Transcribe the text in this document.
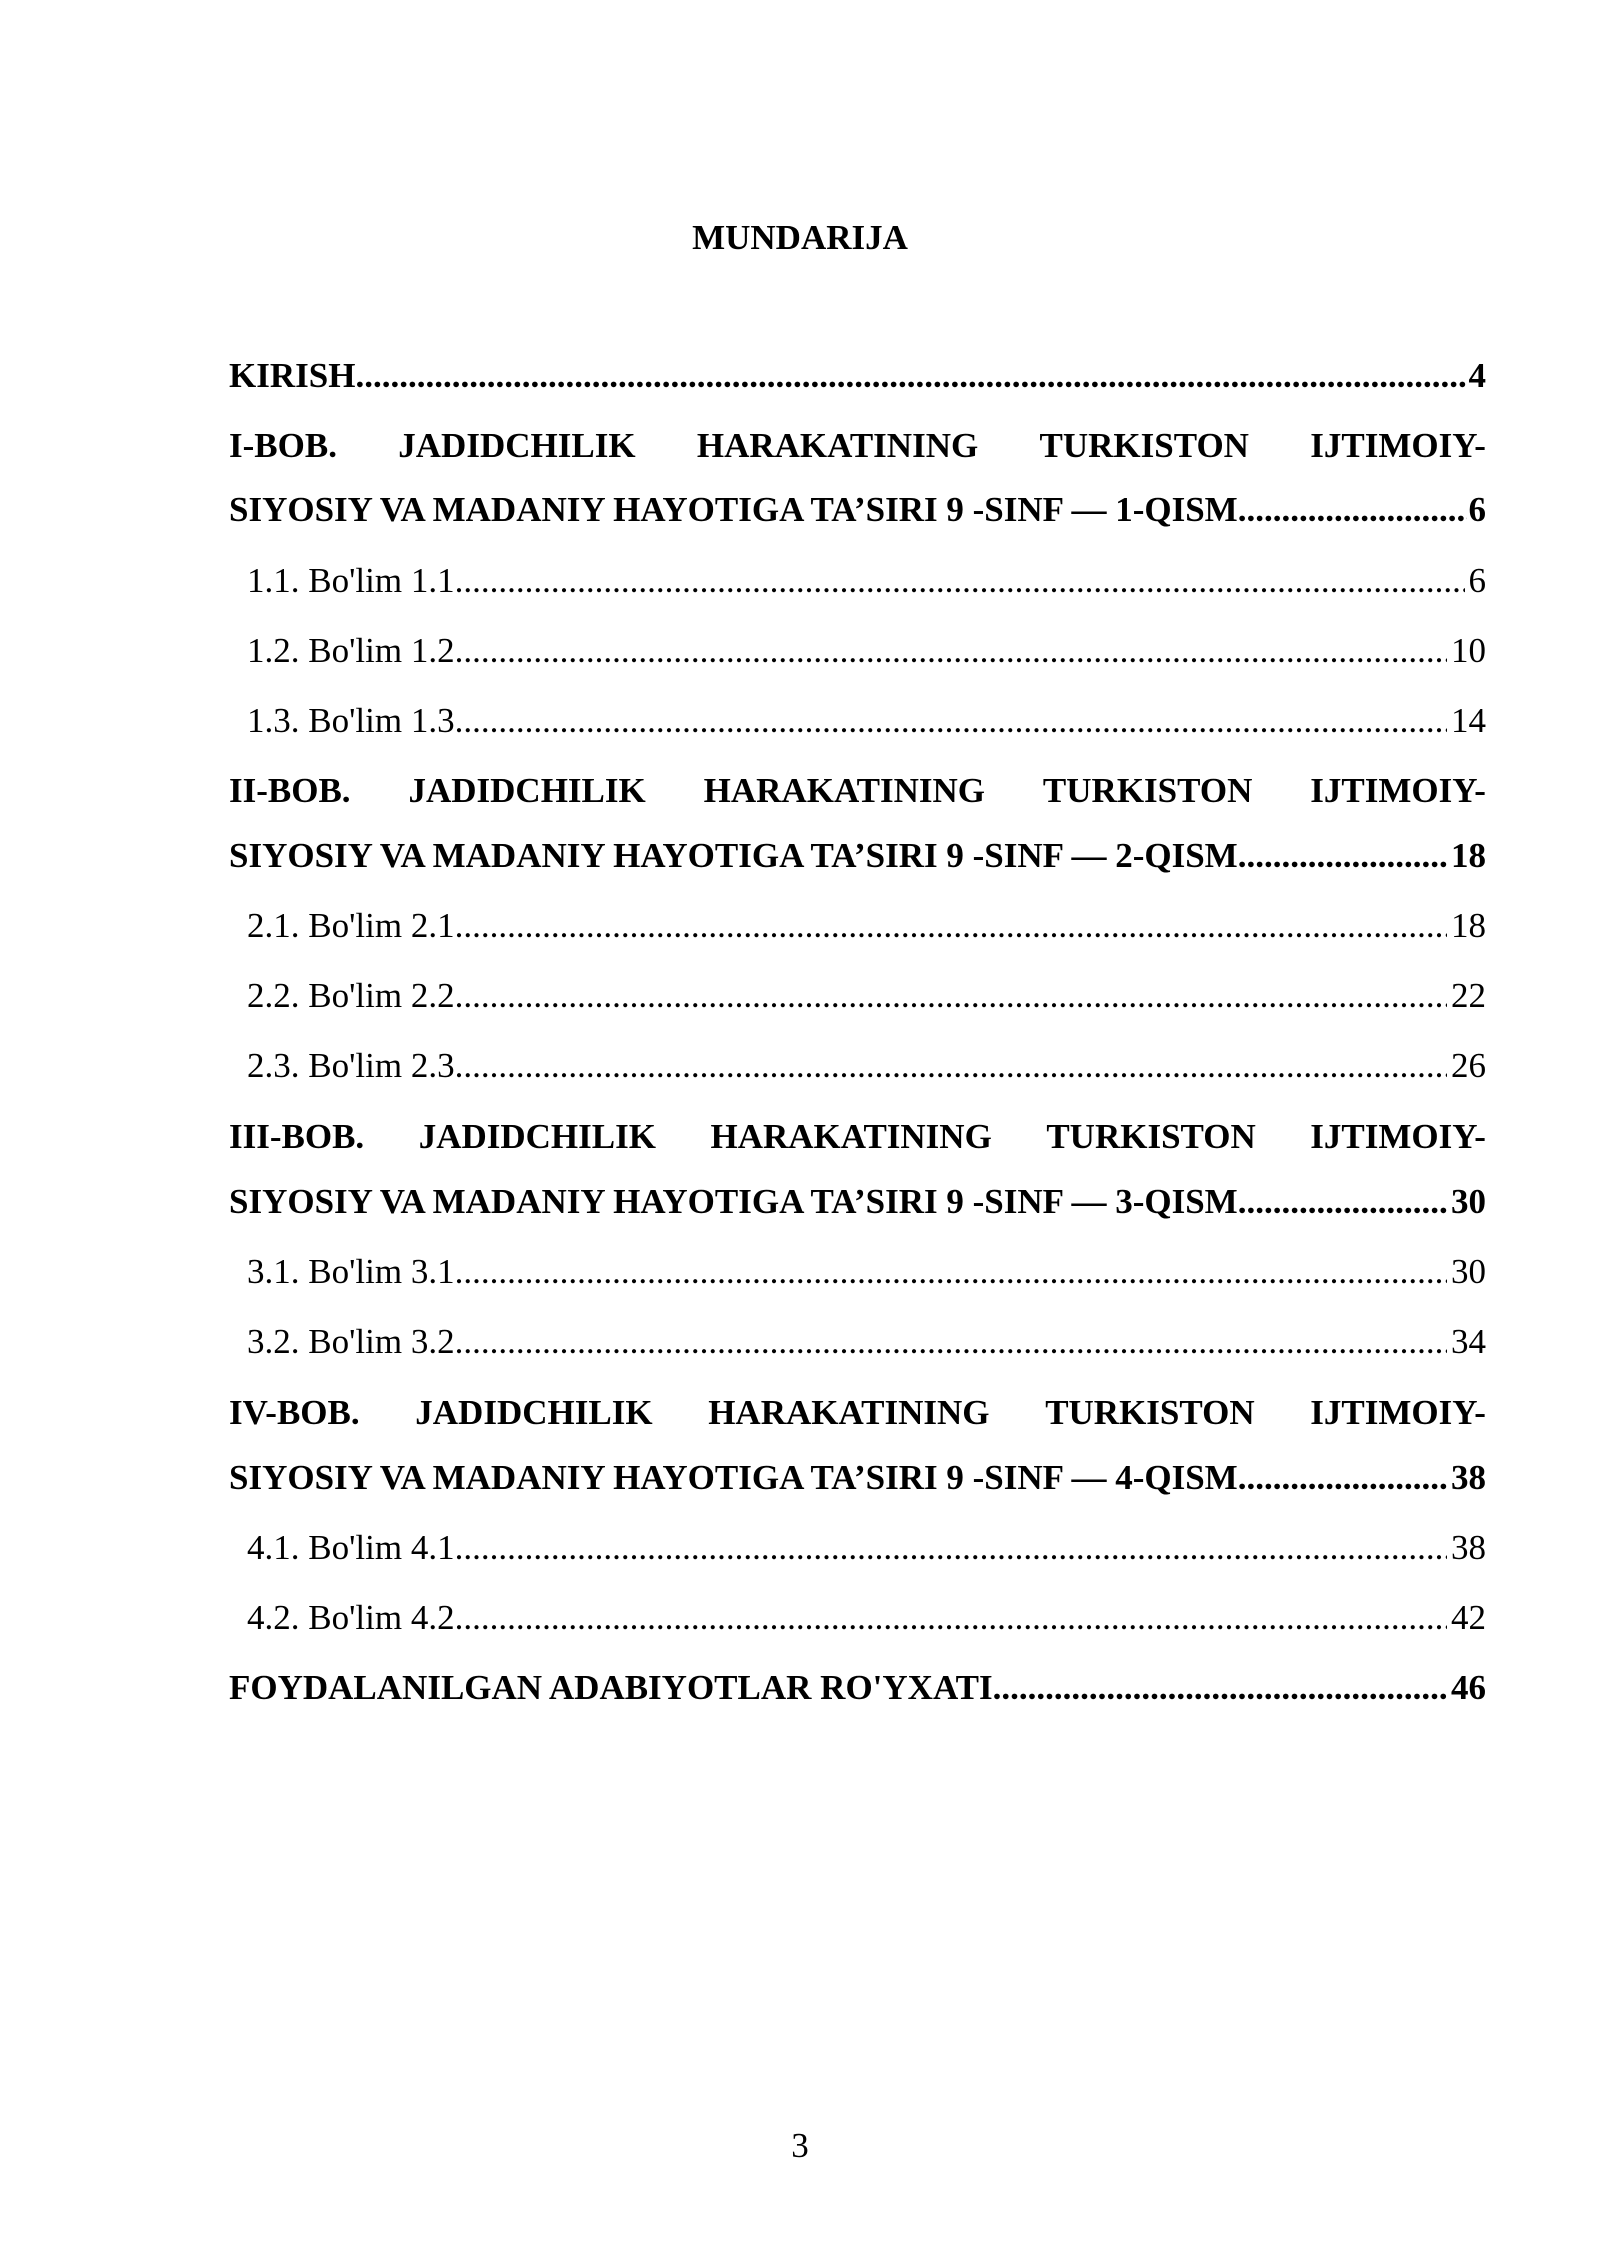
MUNDARIJA
KIRISH .....	4
I-BOB. JADIDCHILIK HARAKATINING TURKISTON IJTIMOIY-
SIYOSIY VA MADANIY HAYOTIGA TA’SIRI 9 -SINF — 1-QISM .....	6
1.1. Bo'lim 1.1 .....	6
1.2. Bo'lim 1.2 .....	10
1.3. Bo'lim 1.3 .....	14
II-BOB. JADIDCHILIK HARAKATINING TURKISTON IJTIMOIY-
SIYOSIY VA MADANIY HAYOTIGA TA’SIRI 9 -SINF — 2-QISM .....	18
2.1. Bo'lim 2.1 .....	18
2.2. Bo'lim 2.2 .....	22
2.3. Bo'lim 2.3 .....	26
III-BOB. JADIDCHILIK HARAKATINING TURKISTON IJTIMOIY-
SIYOSIY VA MADANIY HAYOTIGA TA’SIRI 9 -SINF — 3-QISM .....	30
3.1. Bo'lim 3.1 .....	30
3.2. Bo'lim 3.2 .....	34
IV-BOB. JADIDCHILIK HARAKATINING TURKISTON IJTIMOIY-
SIYOSIY VA MADANIY HAYOTIGA TA’SIRI 9 -SINF — 4-QISM .....	38
4.1. Bo'lim 4.1 .....	38
4.2. Bo'lim 4.2 .....	42
FOYDALANILGAN ADABIYOTLAR RO'YXATI .....	46
3
